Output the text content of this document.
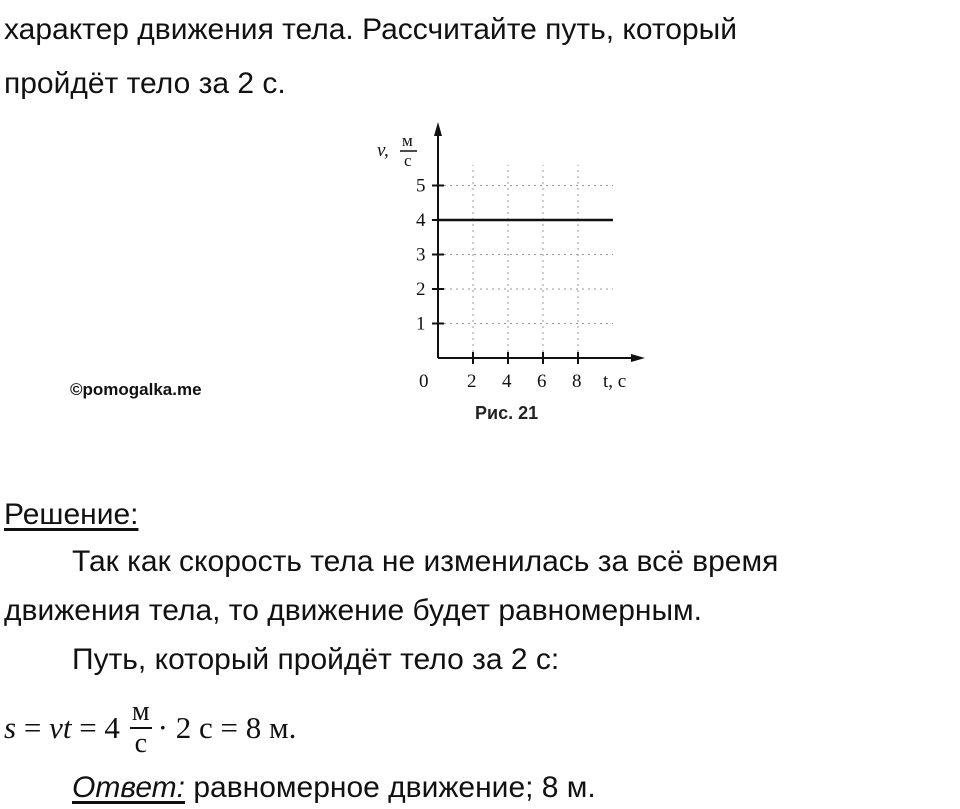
характер движения тела. Рассчитайте путь, который
пройдёт тело за 2 с.
©pomogalka.me
1
2
3
4
5
2 4 6 8
v, м
с
0	t, с
Рис. 21
Решение:
Так как скорость тела не изменилась за всё время
движения тела, то движение будет равномерным.
Путь, который пройдёт тело за 2 с:
s = vt = $4 \frac{м}{с} \cdot 2$ с = 8 м.
Ответ: равномерное движение; 8 м.
